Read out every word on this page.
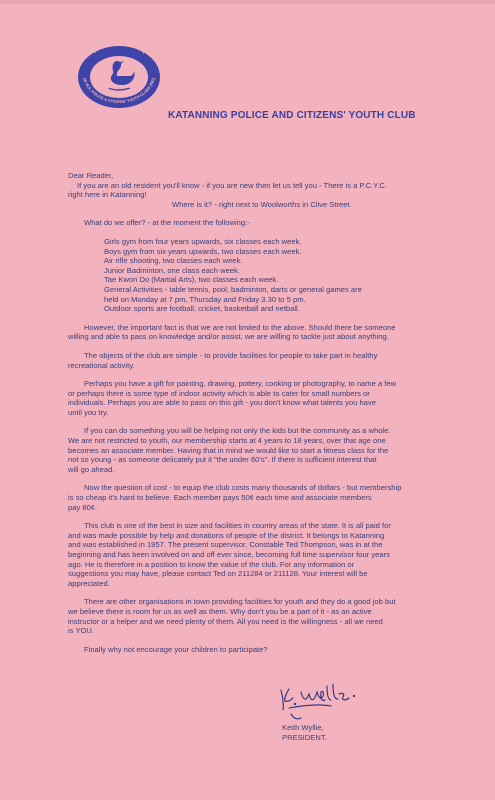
THE FEDERATION
OF W.A. POLICE & CITIZENS' YOUTH CLUBS (INC)
KATANNING POLICE AND CITIZENS' YOUTH CLUB

Dear Reader,

If you are an old resident you'll know - if you are new then let us tell you - There is a P.C.Y.C.

right here in Katanning!

Where is it? - right next to Woolworths in Clive Street.

What do we offer? - at the moment the following:-

Girls gym from four years upwards, six classes each week.

Boys gym from six years upwards, two classes each week.

Air rifle shooting, two classes each week.

Junior Badminton, one class each week.

Tae Kwon Do (Martial Arts), two classes each week.

General Activities - table tennis, pool, badminton, darts or general games are

held on Monday at 7 pm, Thursday and Friday 3.30 to 5 pm.

Outdoor sports are football, cricket, basketball and netball.

However, the important fact is that we are not limited to the above. Should there be someone

willing and able to pass on knowledge and/or assist, we are willing to tackle just about anything.

The objects of the club are simple - to provide facilities for people to take part in healthy

recreational activity.

Perhaps you have a gift for painting, drawing, pottery, cooking or photography, to name a few

or perhaps there is some type of indoor activity which is able to cater for small numbers or

individuals. Perhaps you are able to pass on this gift - you don't know what talents you have

until you try.

If you can do something you will be helping not only the kids but the community as a whole.

We are not restricted to youth, our membership starts at 4 years to 18 years, over that age one

becomes an associate member. Having that in mind we would like to start a fitness class for the

not so young - as someone delicately put it "the under 60's". If there is sufficient interest that

will go ahead.

Now the question of cost - to equip the club costs many thousands of dollars - but membership

is so cheap it's hard to believe. Each member pays 50¢ each time and associate members

pay 80¢.

This club is one of the best in size and facilities in country areas of the state. It is all paid for

and was made possible by help and donations of people of the district. It belongs to Katanning

and was established in 1957. The present supervisor, Constable Ted Thompson, was in at the

beginning and has been involved on and off ever since, becoming full time supervisor four years

ago. He is therefore in a position to know the value of the club. For any information or

suggestions you may have, please contact Ted on 211284 or 211128. Your interest will be

appreciated.

There are other organisations in town providing facilities for youth and they do a good job but

we believe there is room for us as well as them. Why don't you be a part of it - as an active

instructor or a helper and we need plenty of them. All you need is the willingness - all we need

is YOU.

Finally why not encourage your children to participate?

Keith Wyllie,
PRESIDENT.
